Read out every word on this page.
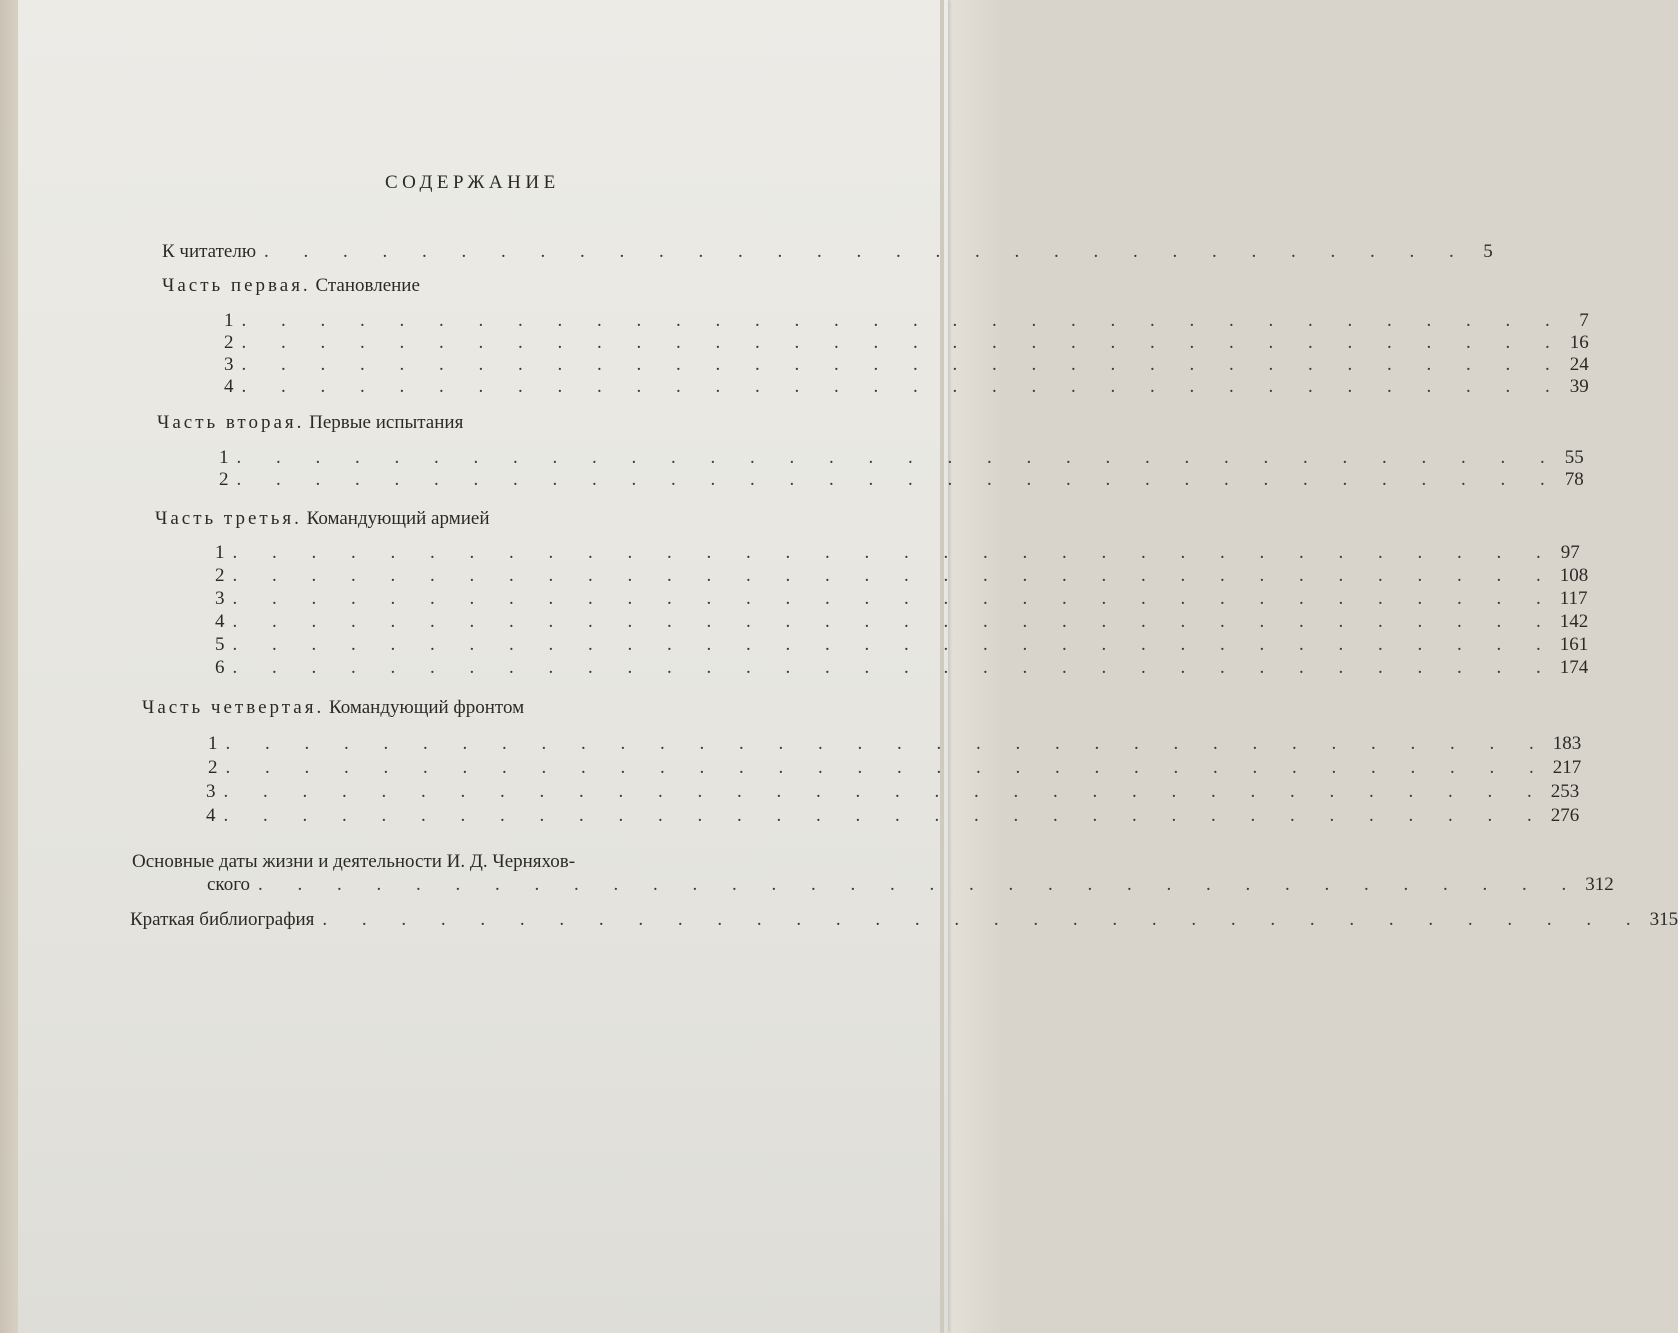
СОДЕРЖАНИЕ
К читателю . . . . . . . . . . . . . . . . . . . . . . . . . . . . . . . 5
Часть первая. Становление
1 . . . . . . . . . . . . . . . . . . . . . . . . . . . . . . . . . . 7
2 . . . . . . . . . . . . . . . . . . . . . . . . . . . . . . . . . . 16
3 . . . . . . . . . . . . . . . . . . . . . . . . . . . . . . . . . . 24
4 . . . . . . . . . . . . . . . . . . . . . . . . . . . . . . . . . . 39
Часть вторая. Первые испытания
1 . . . . . . . . . . . . . . . . . . . . . . . . . . . . . . . . . . 55
2 . . . . . . . . . . . . . . . . . . . . . . . . . . . . . . . . . . 78
Часть третья. Командующий армией
1 . . . . . . . . . . . . . . . . . . . . . . . . . . . . . . . . . . 97
2 . . . . . . . . . . . . . . . . . . . . . . . . . . . . . . . . . . 108
3 . . . . . . . . . . . . . . . . . . . . . . . . . . . . . . . . . . 117
4 . . . . . . . . . . . . . . . . . . . . . . . . . . . . . . . . . . 142
5 . . . . . . . . . . . . . . . . . . . . . . . . . . . . . . . . . . 161
6 . . . . . . . . . . . . . . . . . . . . . . . . . . . . . . . . . . 174
Часть четвертая. Командующий фронтом
1 . . . . . . . . . . . . . . . . . . . . . . . . . . . . . . . . . . 183
2 . . . . . . . . . . . . . . . . . . . . . . . . . . . . . . . . . . 217
3 . . . . . . . . . . . . . . . . . . . . . . . . . . . . . . . . . . 253
4 . . . . . . . . . . . . . . . . . . . . . . . . . . . . . . . . . . 276
Основные даты жизни и деятельности И. Д. Черняхов-
ского . . . . . . . . . . . . . . . . . . . . . . . . . . . . . . . . . . 312
Краткая библиография . . . . . . . . . . . . . . . . . . . . . . . . . . . . . . . . . . 315
